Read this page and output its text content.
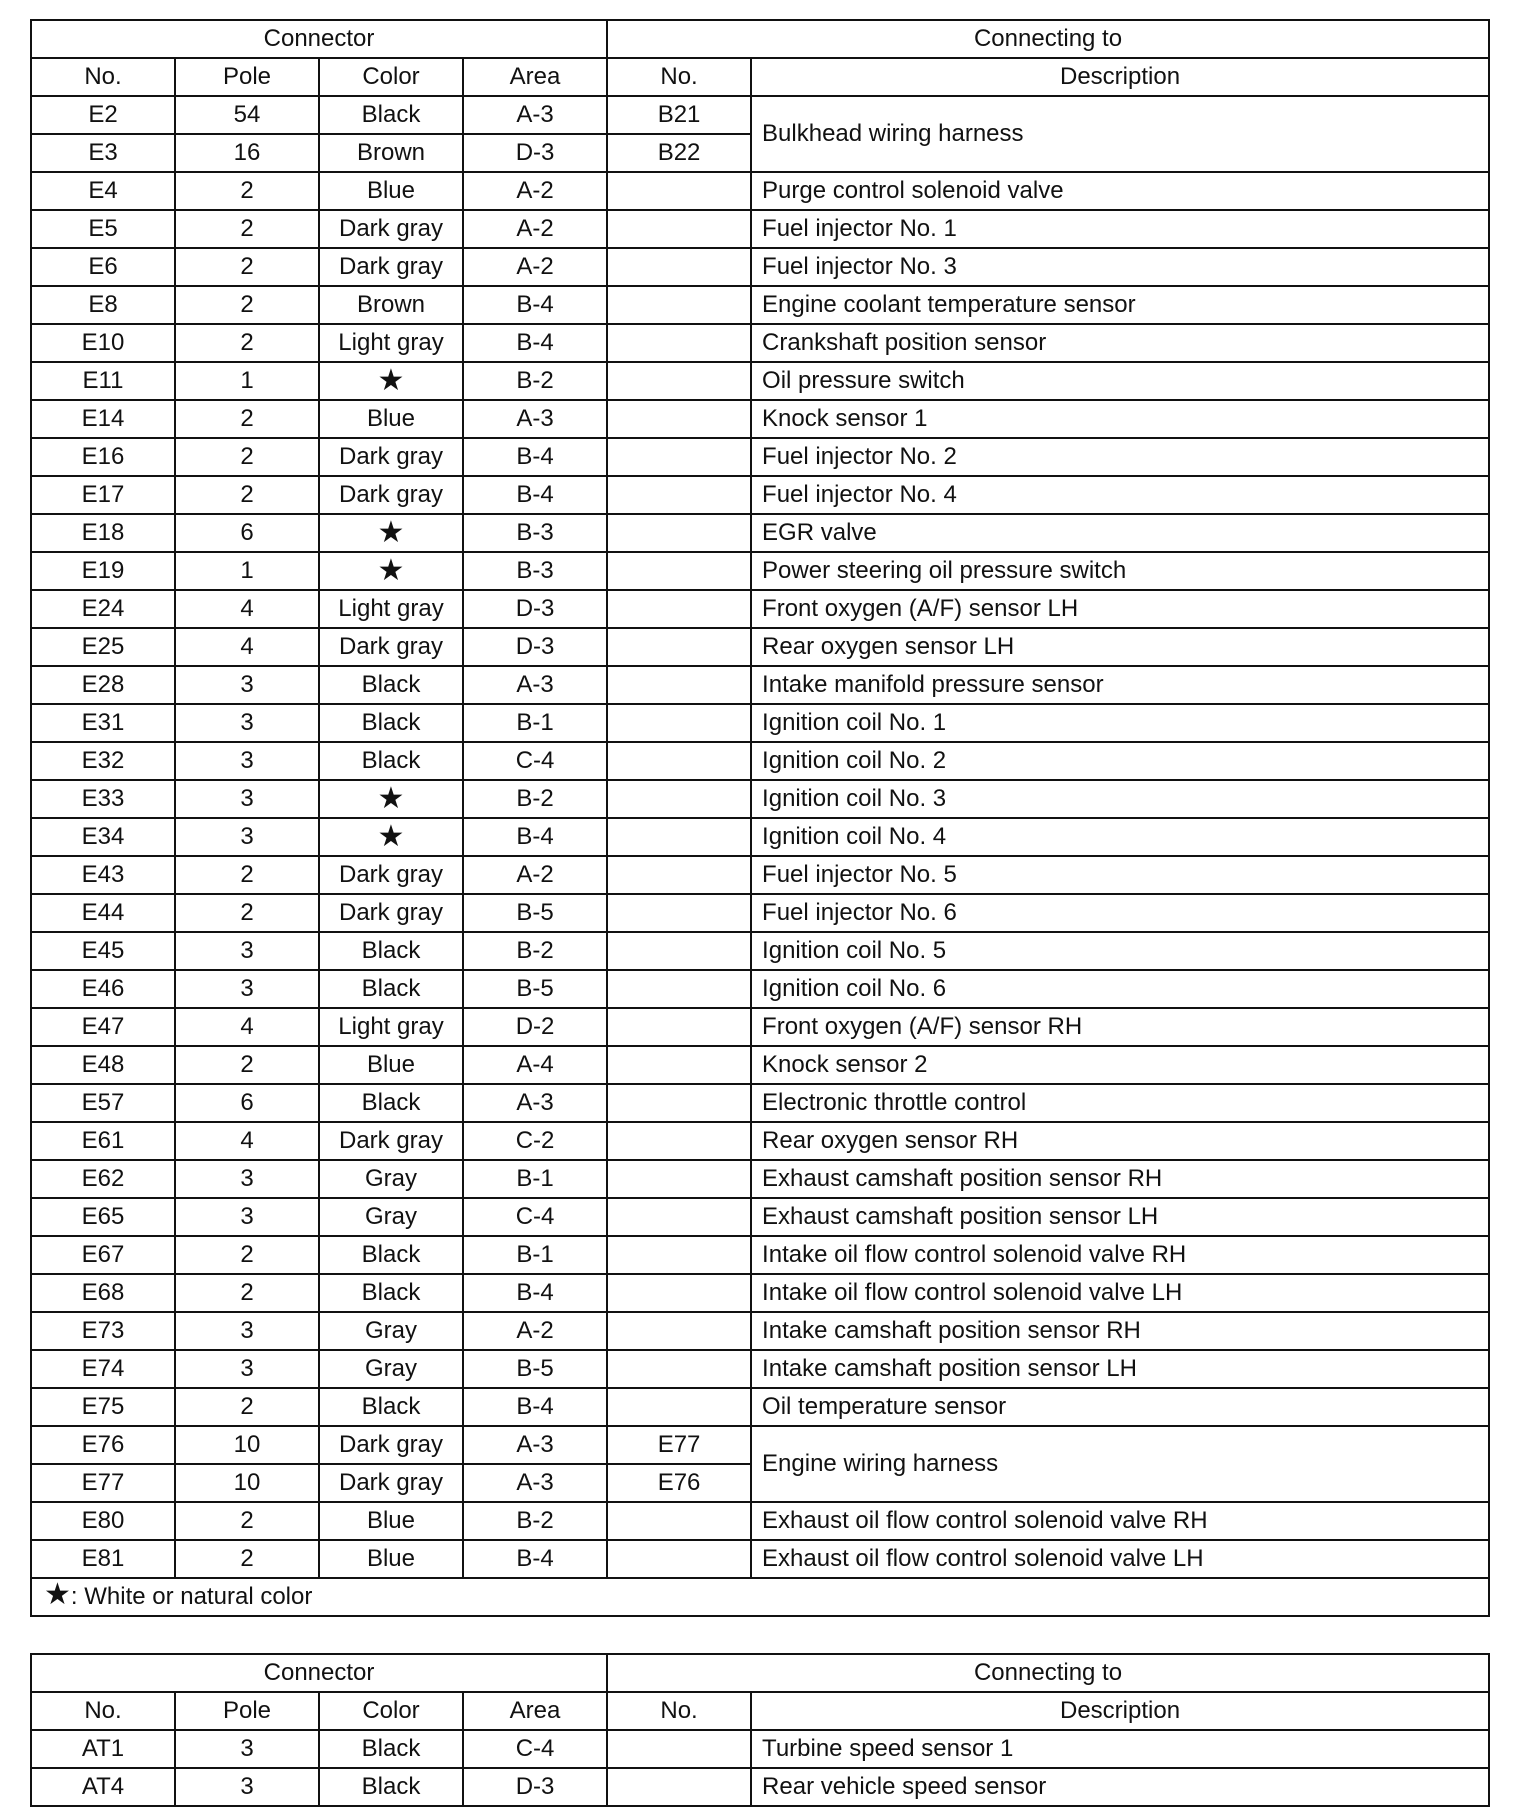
Connector				Connecting to	
No.	Pole	Color	Area	No.	Description
E2	54	Black	A-3	B21	Bulkhead wiring harness
E3	16	Brown	D-3	B22	
E4	2	Blue	A-2		Purge control solenoid valve
E5	2	Dark gray	A-2		Fuel injector No. 1
E6	2	Dark gray	A-2		Fuel injector No. 3
E8	2	Brown	B-4		Engine coolant temperature sensor
E10	2	Light gray	B-4		Crankshaft position sensor
E11	1	★	B-2		Oil pressure switch
E14	2	Blue	A-3		Knock sensor 1
E16	2	Dark gray	B-4		Fuel injector No. 2
E17	2	Dark gray	B-4		Fuel injector No. 4
E18	6	★	B-3		EGR valve
E19	1	★	B-3		Power steering oil pressure switch
E24	4	Light gray	D-3		Front oxygen (A/F) sensor LH
E25	4	Dark gray	D-3		Rear oxygen sensor LH
E28	3	Black	A-3		Intake manifold pressure sensor
E31	3	Black	B-1		Ignition coil No. 1
E32	3	Black	C-4		Ignition coil No. 2
E33	3	★	B-2		Ignition coil No. 3
E34	3	★	B-4		Ignition coil No. 4
E43	2	Dark gray	A-2		Fuel injector No. 5
E44	2	Dark gray	B-5		Fuel injector No. 6
E45	3	Black	B-2		Ignition coil No. 5
E46	3	Black	B-5		Ignition coil No. 6
E47	4	Light gray	D-2		Front oxygen (A/F) sensor RH
E48	2	Blue	A-4		Knock sensor 2
E57	6	Black	A-3		Electronic throttle control
E61	4	Dark gray	C-2		Rear oxygen sensor RH
E62	3	Gray	B-1		Exhaust camshaft position sensor RH
E65	3	Gray	C-4		Exhaust camshaft position sensor LH
E67	2	Black	B-1		Intake oil flow control solenoid valve RH
E68	2	Black	B-4		Intake oil flow control solenoid valve LH
E73	3	Gray	A-2		Intake camshaft position sensor RH
E74	3	Gray	B-5		Intake camshaft position sensor LH
E75	2	Black	B-4		Oil temperature sensor
E76	10	Dark gray	A-3	E77	Engine wiring harness
E77	10	Dark gray	A-3	E76	
E80	2	Blue	B-2		Exhaust oil flow control solenoid valve RH
E81	2	Blue	B-4		Exhaust oil flow control solenoid valve LH
★: White or natural color					
Connector				Connecting to	
No.	Pole	Color	Area	No.	Description
AT1	3	Black	C-4		Turbine speed sensor 1
AT4	3	Black	D-3		Rear vehicle speed sensor
